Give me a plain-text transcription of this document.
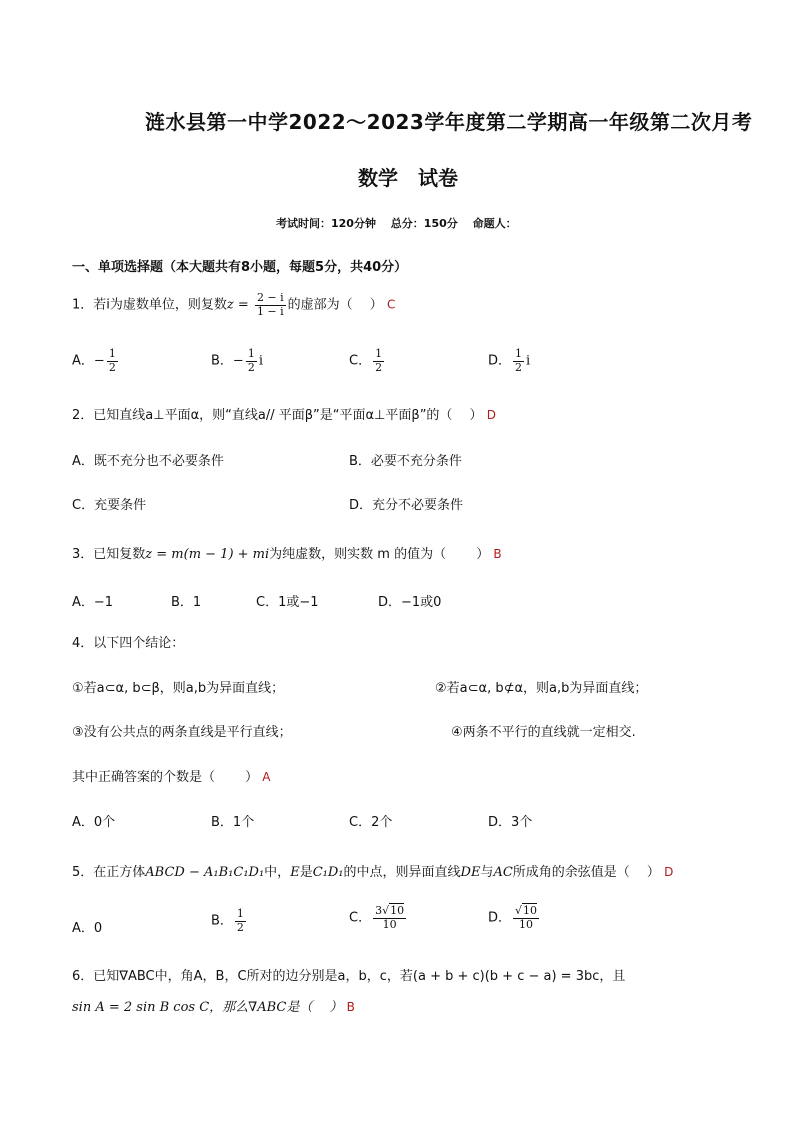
涟水县第一中学2022～2023学年度第二学期高一年级第二次月考
数学　试卷
考试时间：120分钟　 总分：150分　 命题人：
一、单项选择题（本大题共有8小题，每题5分，共40分）
1．若i为虚数单位，则复数$z = \frac{2 - i}{1 - i}$ 的虚部为（　 ） C
A．− $\frac{1}{2}$	B．− $\frac{1}{2}$ i	C． $\frac{1}{2}$	D． $\frac{1}{2}$ i
2．已知直线a⊥平面α，则“直线a// 平面β”是“平面α⊥平面β”的（　 ） D
A．既不充分也不必要条件	B．必要不充分条件
C．充要条件	D．充分不必要条件
3．已知复数z = m(m − 1) + mi为纯虚数，则实数 m 的值为（　 　） B
A．−1	B．1	C．1或−1	D．−1或0
4．以下四个结论：
①若a⊂α, b⊂β，则a,b为异面直线；	②若a⊂α, b⊄α，则a,b为异面直线；
③没有公共点的两条直线是平行直线；	④两条不平行的直线就一定相交.
其中正确答案的个数是（　 　） A
A．0个	B．1个	C．2个	D．3个
5．在正方体ABCD − A₁B₁C₁D₁中，E是C₁D₁的中点，则异面直线DE与AC所成角的余弦值是（　 ） D
A．0	B． $\frac{1}{2}$	C． $\frac{3√10}{10}$	D． $\frac{√10}{10}$
6．已知∇ABC中，角A，B，C所对的边分别是a，b，c，若(a + b + c)(b + c − a) = 3bc，且
sin A = 2 sin B cos C，那么∇ABC是（　 ） B
